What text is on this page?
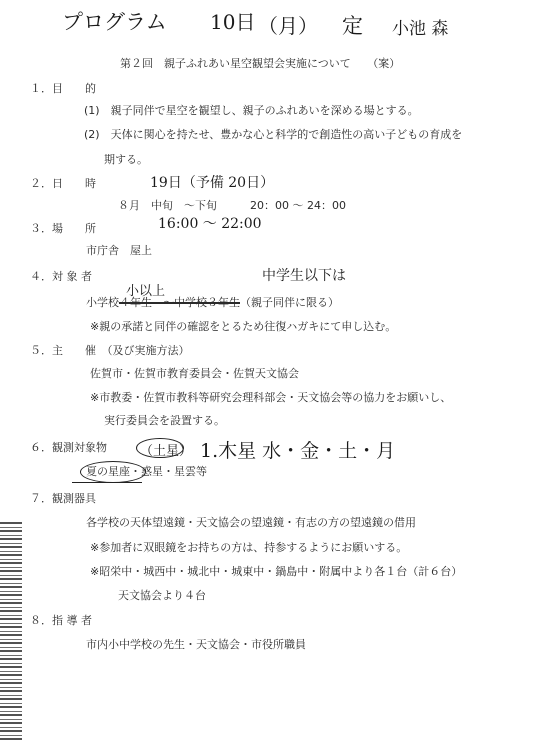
プログラム 10日 （月） 定 小池 森
第２回　親子ふれあい星空観望会実施について　　（案）
１．目　　的
(1)　親子同伴で星空を観望し、親子のふれあいを深める場とする。
(2)　天体に関心を持たせ、豊かな心と科学的で創造性の高い子どもの育成を
期する。
２．日　　時	19日（予備 20日）
８月　中旬　〜下旬　　　20：00 〜 24：00
16:00 〜 22:00
３．場　　所
市庁舎　屋上
４．対 象 者	中学生以下は
小以上
小学校４年生　〜中学校３年生（親子同伴に限る）
※親の承諾と同伴の確認をとるため往復ハガキにて申し込む。
５．主　　催　（及び実施方法）
佐賀市・佐賀市教育委員会・佐賀天文協会
※市教委・佐賀市教科等研究会理科部会・天文協会等の協力をお願いし、
実行委員会を設置する。
６．観測対象物	（土星） 1.木星 水・金・土・月
夏の星座・惑星・星雲等
７．観測器具
各学校の天体望遠鏡・天文協会の望遠鏡・有志の方の望遠鏡の借用
※参加者に双眼鏡をお持ちの方は、持参するようにお願いする。
※昭栄中・城西中・城北中・城東中・鍋島中・附属中より各１台（計６台）
天文協会より４台
８．指 導 者
市内小中学校の先生・天文協会・市役所職員
